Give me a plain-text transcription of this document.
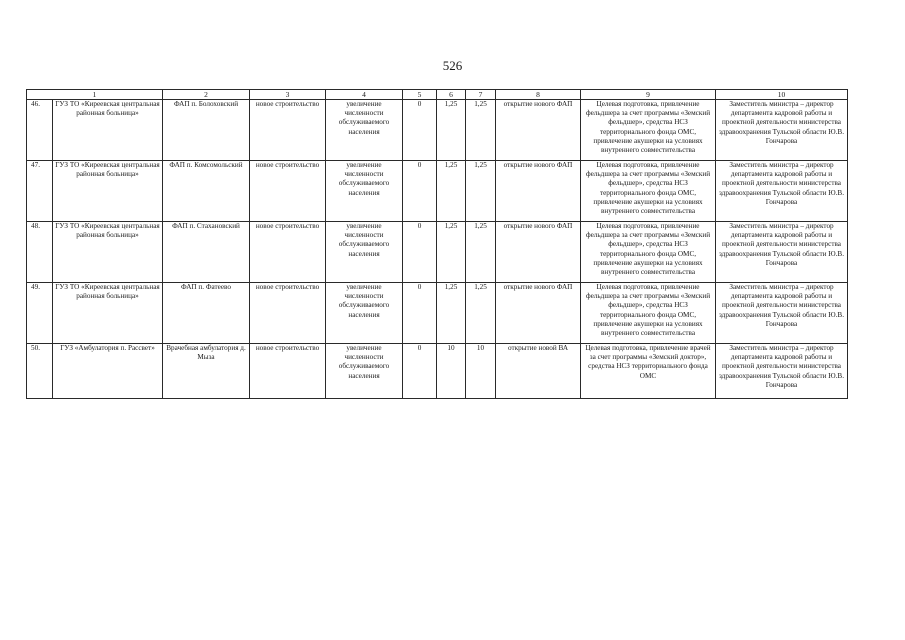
526
1		2	3	4	5	6	7	8	9	10
46.	ГУЗ ТО «Киреевская центральная районная больница»	ФАП п. Болоховский	новое строительство	увеличение численности обслуживаемого населения	0	1,25	1,25	открытие нового ФАП	Целевая подготовка, привлечение фельдшера за счет программы «Земский фельдшер», средства НСЗ территориального фонда ОМС, привлечение акушерки на условиях внутреннего совместительства	Заместитель министра – директор департамента кадровой работы и проектной деятельности министерства здравоохранения Тульской области Ю.В. Гончарова
47.	ГУЗ ТО «Киреевская центральная районная больница»	ФАП п. Комсомольский	новое строительство	увеличение численности обслуживаемого населения	0	1,25	1,25	открытие нового ФАП	Целевая подготовка, привлечение фельдшера за счет программы «Земский фельдшер», средства НСЗ территориального фонда ОМС, привлечение акушерки на условиях внутреннего совместительства	Заместитель министра – директор департамента кадровой работы и проектной деятельности министерства здравоохранения Тульской области Ю.В. Гончарова
48.	ГУЗ ТО «Киреевская центральная районная больница»	ФАП п. Стахановский	новое строительство	увеличение численности обслуживаемого населения	0	1,25	1,25	открытие нового ФАП	Целевая подготовка, привлечение фельдшера за счет программы «Земский фельдшер», средства НСЗ территориального фонда ОМС, привлечение акушерки на условиях внутреннего совместительства	Заместитель министра – директор департамента кадровой работы и проектной деятельности министерства здравоохранения Тульской области Ю.В. Гончарова
49.	ГУЗ ТО «Киреевская центральная районная больница»	ФАП п. Фатеево	новое строительство	увеличение численности обслуживаемого населения	0	1,25	1,25	открытие нового ФАП	Целевая подготовка, привлечение фельдшера за счет программы «Земский фельдшер», средства НСЗ территориального фонда ОМС, привлечение акушерки на условиях внутреннего совместительства	Заместитель министра – директор департамента кадровой работы и проектной деятельности министерства здравоохранения Тульской области Ю.В. Гончарова
50.	ГУЗ «Амбулатория п. Рассвет»	Врачебная амбулатория д. Мыза	новое строительство	увеличение численности обслуживаемого населения	0	10	10	открытие новой ВА	Целевая подготовка, привлечение врачей за счет программы «Земский доктор», средства НСЗ территориального фонда ОМС	Заместитель министра – директор департамента кадровой работы и проектной деятельности министерства здравоохранения Тульской области Ю.В. Гончарова
